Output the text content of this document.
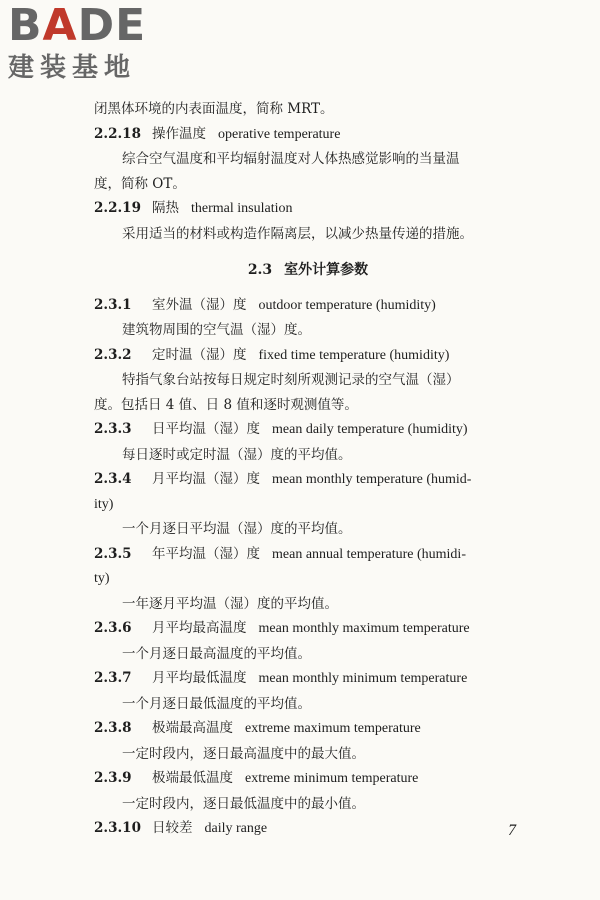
BADE
建装基地
闭黑体环境的内表面温度，简称 MRT。
2.2.18 操作温度 operative temperature
综合空气温度和平均辐射温度对人体热感觉影响的当量温
度，简称 OT。
2.2.19 隔热 thermal insulation
采用适当的材料或构造作隔离层，以减少热量传递的措施。
2.3 室外计算参数
2.3.1 室外温（湿）度 outdoor temperature (humidity)
建筑物周围的空气温（湿）度。
2.3.2 定时温（湿）度 fixed time temperature (humidity)
特指气象台站按每日规定时刻所观测记录的空气温（湿）
度。包括日 4 值、日 8 值和逐时观测值等。
2.3.3 日平均温（湿）度 mean daily temperature (humidity)
每日逐时或定时温（湿）度的平均值。
2.3.4 月平均温（湿）度 mean monthly temperature (humid-
ity)
一个月逐日平均温（湿）度的平均值。
2.3.5 年平均温（湿）度 mean annual temperature (humidi-
ty)
一年逐月平均温（湿）度的平均值。
2.3.6 月平均最高温度 mean monthly maximum temperature
一个月逐日最高温度的平均值。
2.3.7 月平均最低温度 mean monthly minimum temperature
一个月逐日最低温度的平均值。
2.3.8 极端最高温度 extreme maximum temperature
一定时段内，逐日最高温度中的最大值。
2.3.9 极端最低温度 extreme minimum temperature
一定时段内，逐日最低温度中的最小值。
2.3.10 日较差 daily range	7
